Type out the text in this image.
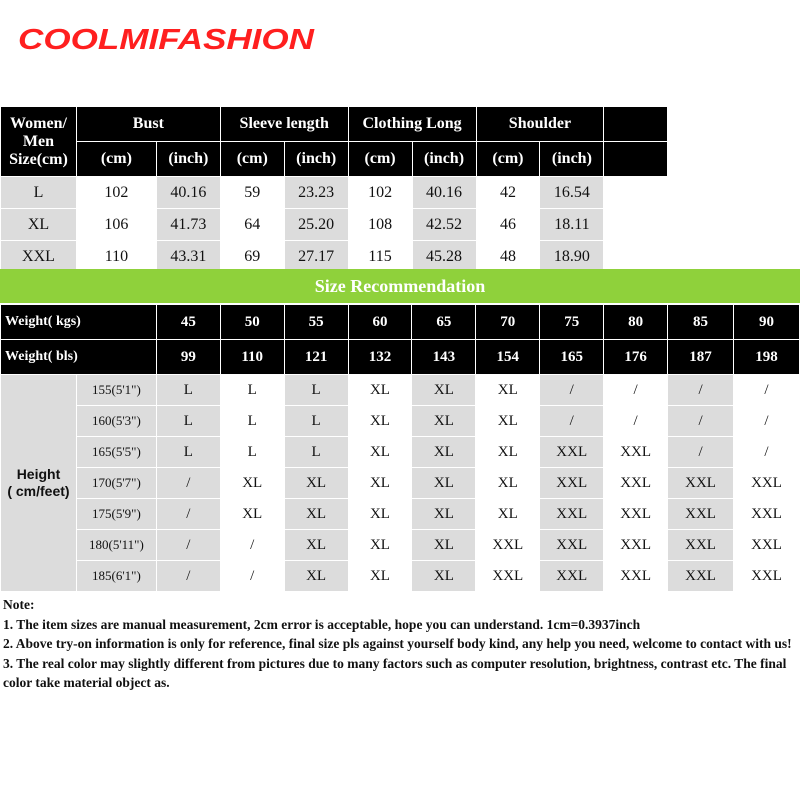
COOLMIFASHION
Women/
Men
Size(cm)	Bust		Sleeve length		Clothing Long		Shoulder		
	(cm)	(inch)	(cm)	(inch)	(cm)	(inch)	(cm)	(inch)	
L	102	40.16	59	23.23	102	40.16	42	16.54	
XL	106	41.73	64	25.20	108	42.52	46	18.11	
XXL	110	43.31	69	27.17	115	45.28	48	18.90	
Size Recommendation
Weight( kgs)		45	50	55	60	65	70	75	80	85	90
Weight( bls)		99	110	121	132	143	154	165	176	187	198

Height
( cm/feet)	155(5'1")	L	L	L	XL	XL	XL	/	/	/	/
	160(5'3")	L	L	L	XL	XL	XL	/	/	/	/
	165(5'5")	L	L	L	XL	XL	XL	XXL	XXL	/	/
	170(5'7")	/	XL	XL	XL	XL	XL	XXL	XXL	XXL	XXL
	175(5'9")	/	XL	XL	XL	XL	XL	XXL	XXL	XXL	XXL
	180(5'11")	/	/	XL	XL	XL	XXL	XXL	XXL	XXL	XXL
	185(6'1")	/	/	XL	XL	XL	XXL	XXL	XXL	XXL	XXL

Note:

1. The item sizes are manual measurement, 2cm error is acceptable, hope you can understand. 1cm=0.3937inch

2. Above try-on information is only for reference, final size pls against yourself body kind, any help you need, welcome to contact with us!

3. The real color may slightly different from pictures due to many factors such as computer resolution, brightness, contrast etc. The final color take material object as.
